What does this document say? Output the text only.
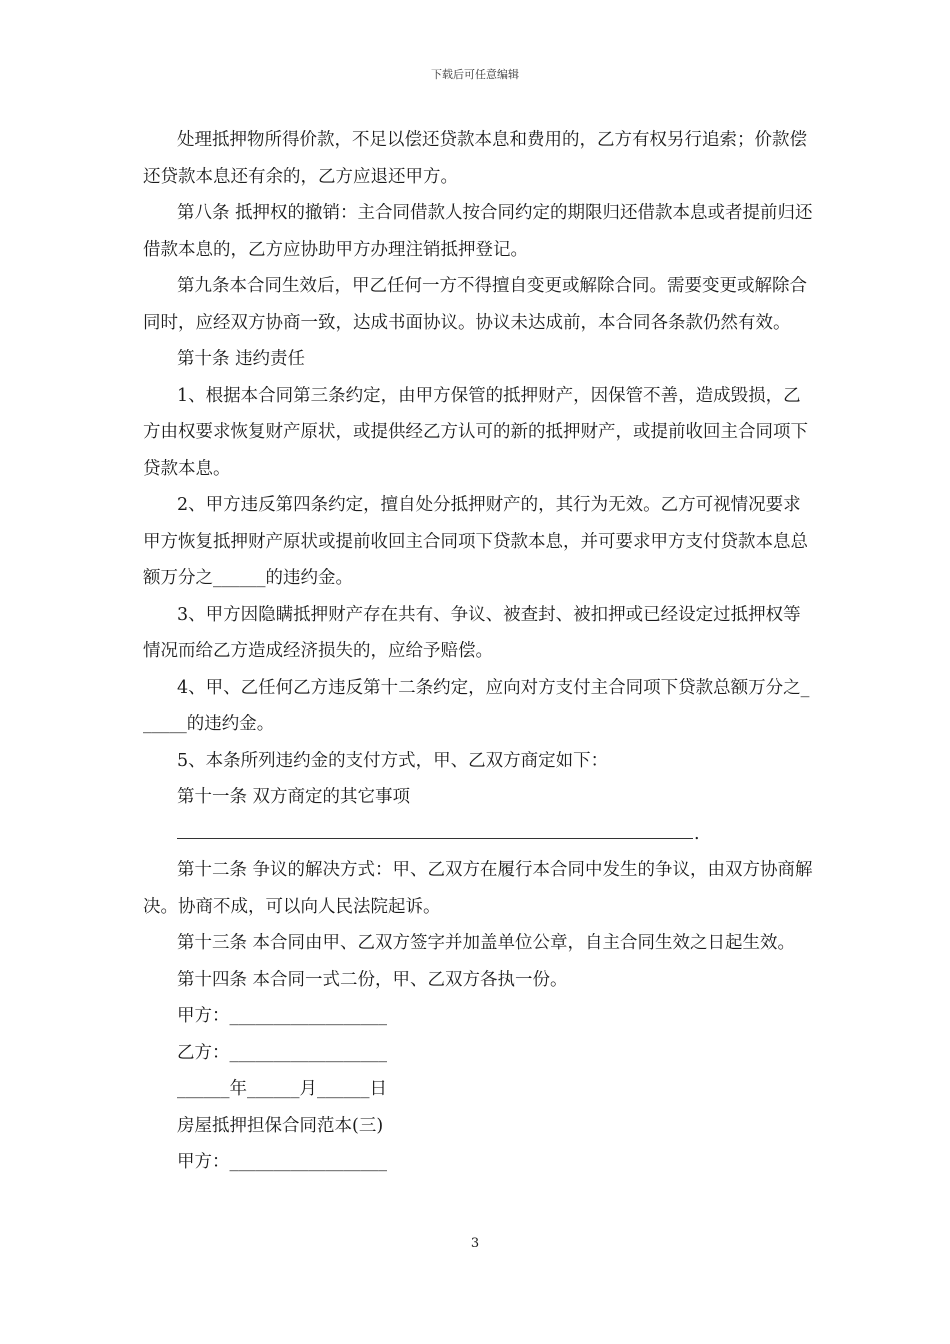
下载后可任意编辑

处理抵押物所得价款，不足以偿还贷款本息和费用的，乙方有权另行追索；价款偿还贷款本息还有余的，乙方应退还甲方。

第八条 抵押权的撤销：主合同借款人按合同约定的期限归还借款本息或者提前归还借款本息的，乙方应协助甲方办理注销抵押登记。

第九条本合同生效后，甲乙任何一方不得擅自变更或解除合同。需要变更或解除合同时，应经双方协商一致，达成书面协议。协议未达成前，本合同各条款仍然有效。

第十条 违约责任

1、根据本合同第三条约定，由甲方保管的抵押财产，因保管不善，造成毁损，乙方由权要求恢复财产原状，或提供经乙方认可的新的抵押财产，或提前收回主合同项下贷款本息。

2、甲方违反第四条约定，擅自处分抵押财产的，其行为无效。乙方可视情况要求甲方恢复抵押财产原状或提前收回主合同项下贷款本息，并可要求甲方支付贷款本息总额万分之______的违约金。

3、甲方因隐瞒抵押财产存在共有、争议、被查封、被扣押或已经设定过抵押权等情况而给乙方造成经济损失的，应给予赔偿。

4、甲、乙任何乙方违反第十二条约定，应向对方支付主合同项下贷款总额万分之______的违约金。

5、本条所列违约金的支付方式，甲、乙双方商定如下：

第十一条 双方商定的其它事项

.

第十二条 争议的解决方式：甲、乙双方在履行本合同中发生的争议，由双方协商解决。协商不成，可以向人民法院起诉。

第十三条 本合同由甲、乙双方签字并加盖单位公章，自主合同生效之日起生效。

第十四条 本合同一式二份，甲、乙双方各执一份。

甲方：__________________
乙方：__________________
______年______月______日
房屋抵押担保合同范本(三)
甲方：__________________
3
